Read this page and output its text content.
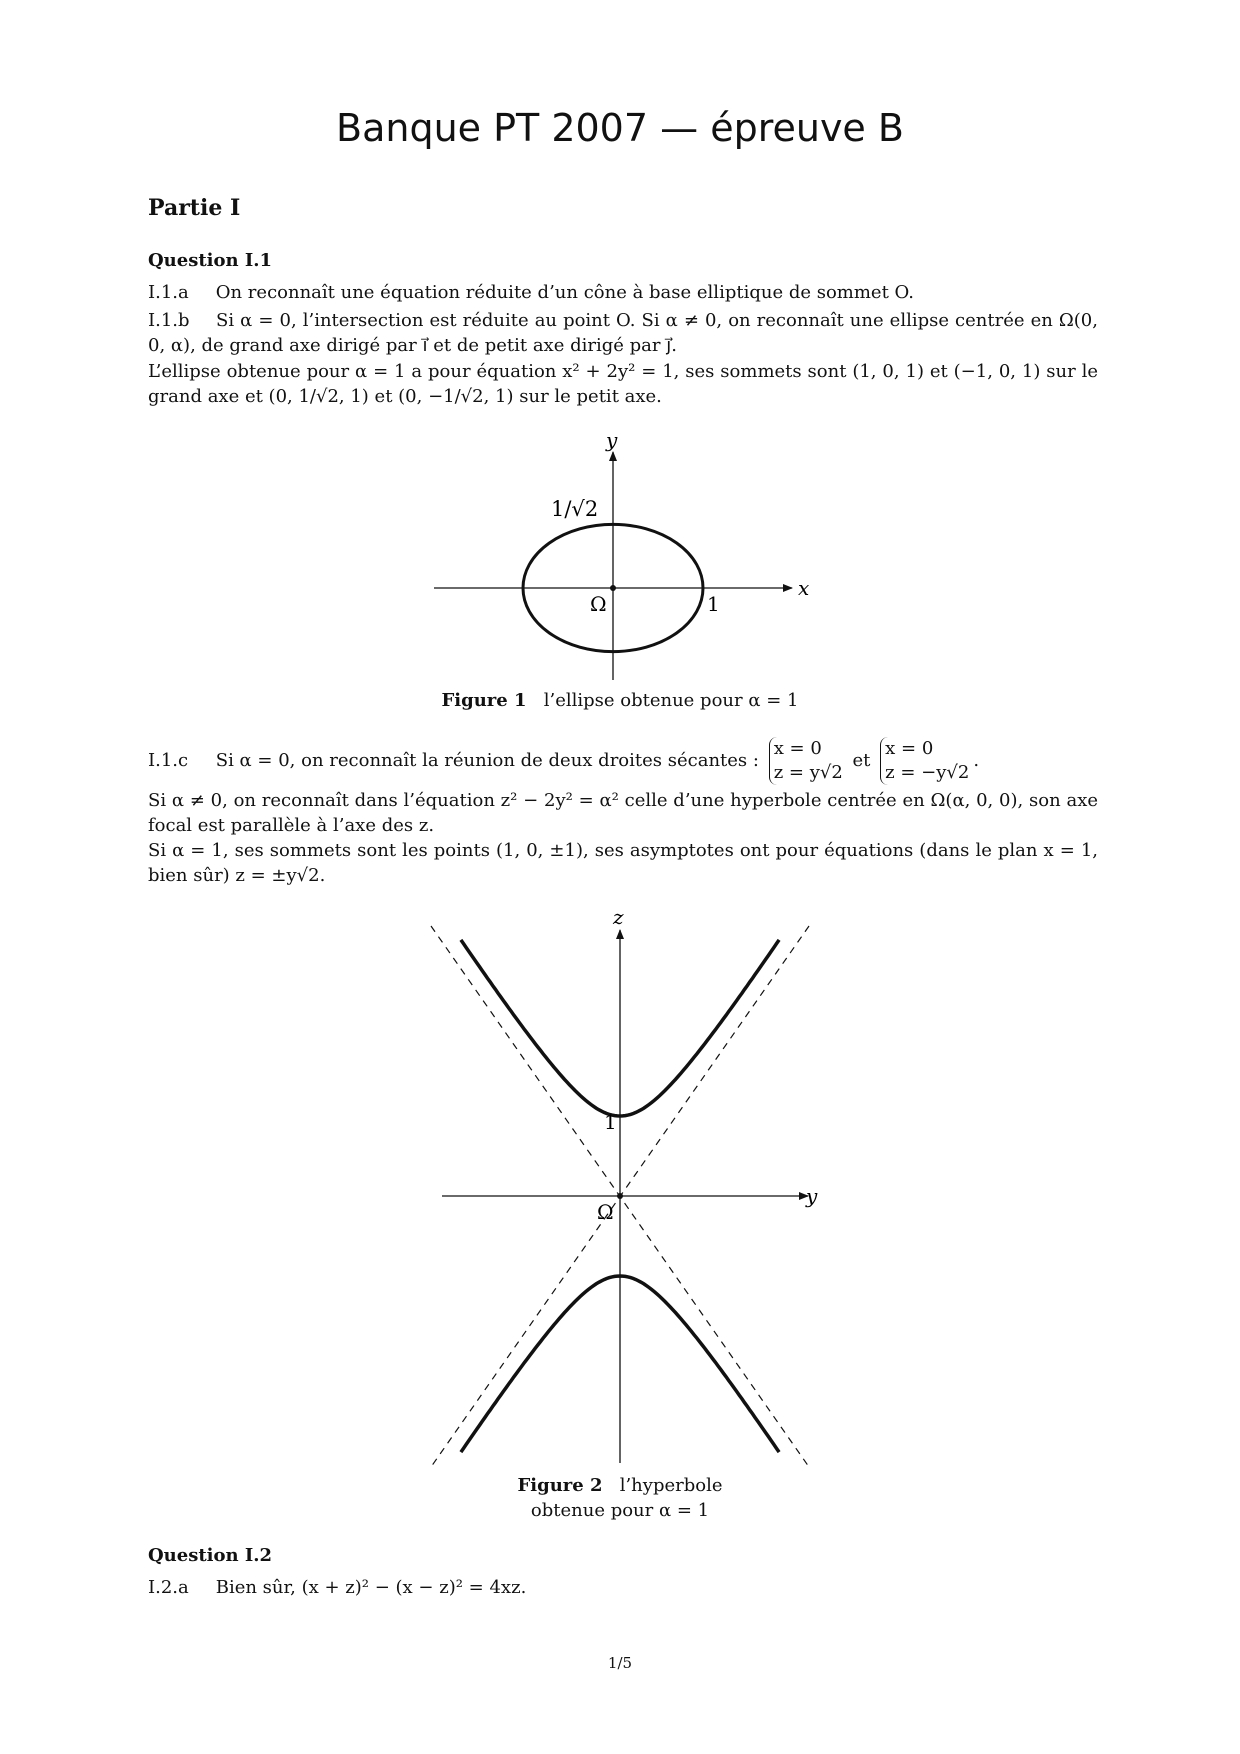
Banque PT 2007 — épreuve B
Partie I
Question I.1
I.1.a On reconnaît une équation réduite d’un cône à base elliptique de sommet O.
I.1.b Si α = 0, l’intersection est réduite au point O. Si α ≠ 0, on reconnaît une ellipse centrée en Ω(0, 0, α), de grand axe dirigé par ı⃗ et de petit axe dirigé par ȷ⃗.
L’ellipse obtenue pour α = 1 a pour équation x² + 2y² = 1, ses sommets sont (1, 0, 1) et (−1, 0, 1) sur le grand axe et (0, 1/√2, 1) et (0, −1/√2, 1) sur le petit axe.
y
x
1/√2
Ω	1
Figure 1 l’ellipse obtenue pour α = 1
I.1.c Si α = 0, on reconnaît la réunion de deux droites sécantes : x = 0
z = y√2 et x = 0
z = −y√2.
Si α ≠ 0, on reconnaît dans l’équation z² − 2y² = α² celle d’une hyperbole centrée en Ω(α, 0, 0), son axe focal est parallèle à l’axe des z.
Si α = 1, ses sommets sont les points (1, 0, ±1), ses asymptotes ont pour équations (dans le plan x = 1, bien sûr) z = ±y√2.
z
y
1
Ω
Figure 2 l’hyperbole
obtenue pour α = 1
Question I.2
I.2.a Bien sûr, (x + z)² − (x − z)² = 4xz.
1/5
